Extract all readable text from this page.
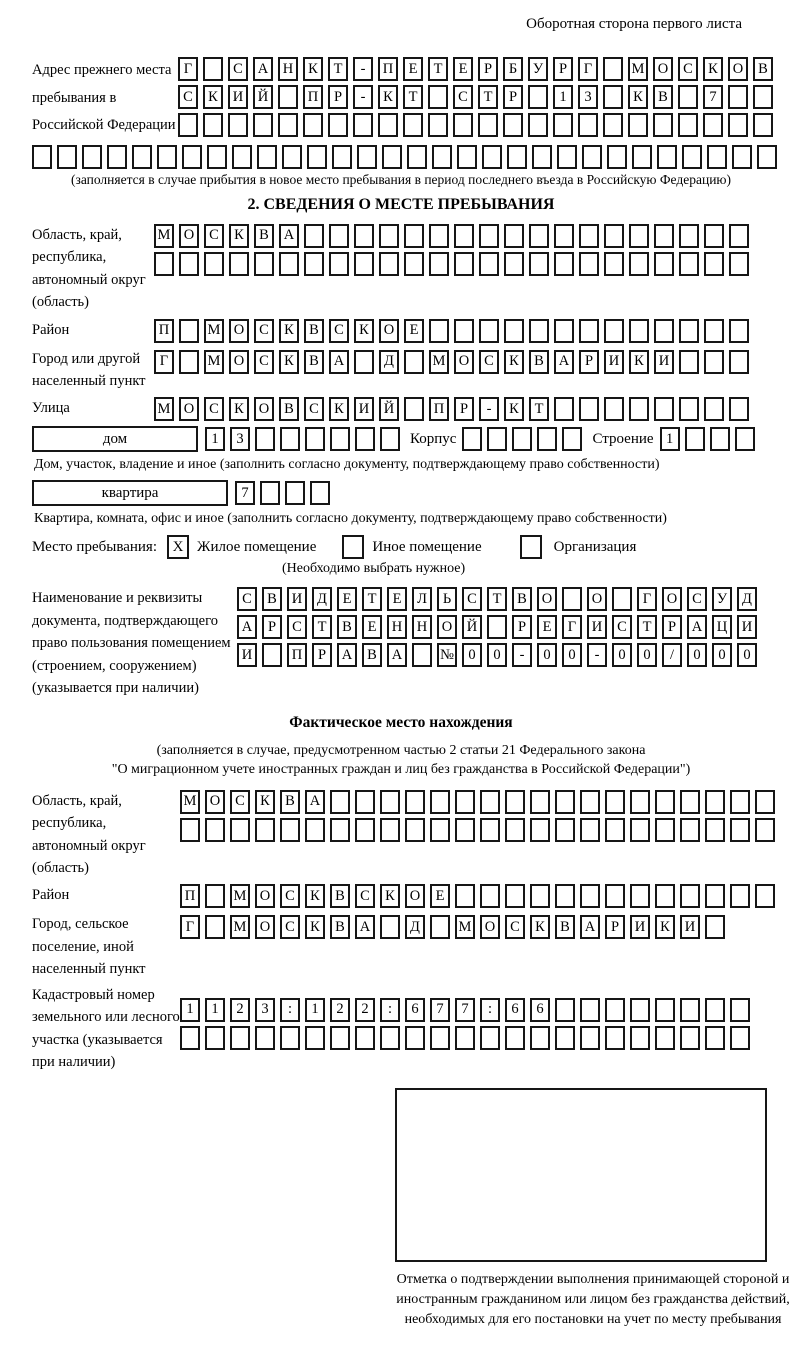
Оборотная сторона первого листа
Адрес прежнего места пребывания в Российской Федерации
Г	С	А	Н	К	Т	-	П	Е	Т	Е	Р	Б	У	Р	Г	М О	С	К	О	В
С	К	И	Й	П	Р	-	К	Т	С	Т	Р	1	3	К	В	7
(заполняется в случае прибытия в новое место пребывания в период последнего въезда в Российскую Федерацию)
2. СВЕДЕНИЯ О МЕСТЕ ПРЕБЫВАНИЯ
Область, край, республика, автономный округ (область)
М О	С	К	В	А
Район	П	М О	С	К	В	С	К	О	Е
Город или другой населенный пункт
Г	М О	С	К	В	А	Д	М О	С	К	В	А	Р	И	К	И
Улица	М О	С	К	О	В	С	К	И	Й	П	Р	-	К	Т
дом	1	3	Корпус	Строение 1
Дом, участок, владение и иное (заполнить согласно документу, подтверждающему право собственности)
квартира	7
Квартира, комната, офис и иное (заполнить согласно документу, подтверждающему право собственности)
Место пребывания:	X Жилое помещение	Иное помещение	Организация
(Необходимо выбрать нужное)
Наименование и реквизиты документа, подтверждающего право пользования помещением (строением, сооружением) (указывается при наличии)
С	В	И	Д	Е	Т	Е	Л	Ь	С	Т	В	О	О	Г	О	С	У	Д
А	Р	С	Т	В	Е	Н	Н	О	Й	Р	Е	Г	И	С	Т	Р	А	Ц	И
И	П	Р	А	В	А	№ 0	0	-	0	0	-	0	0	/	0	0	0
Фактическое место нахождения
(заполняется в случае, предусмотренном частью 2 статьи 21 Федерального закона
"О миграционном учете иностранных граждан и лиц без гражданства в Российской Федерации")
Область, край, республика, автономный округ (область)
М О	С	К	В	А
Район	П	М О	С	К	В	С	К	О	Е
Город, сельское поселение, иной населенный пункт
Г	М О	С	К	В	А	Д	М О	С	К	В	А	Р	И	К	И
Кадастровый номер земельного или лесного участка (указывается при наличии)
1	1	2	3	:	1	2	2	:	6	7	7	:	6	6
Отметка о подтверждении выполнения принимающей стороной и иностранным гражданином или лицом без гражданства действий, необходимых для его постановки на учет по месту пребывания
